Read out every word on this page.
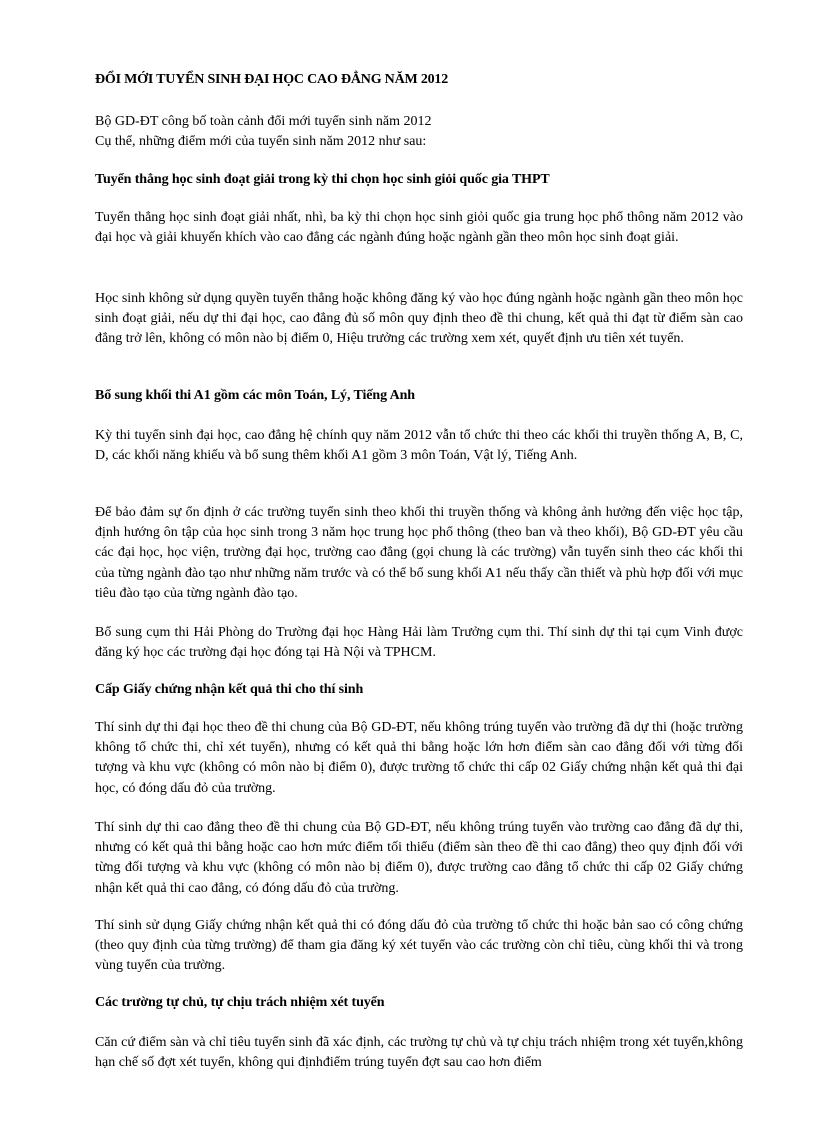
ĐỔI MỚI TUYỂN SINH ĐẠI HỌC CAO ĐẲNG NĂM 2012
Bộ GD-ĐT công bố toàn cảnh đổi mới tuyển sinh năm 2012
Cụ thể, những điểm mới của tuyển sinh năm 2012 như sau:
Tuyển thẳng học sinh đoạt giải trong kỳ thi chọn học sinh giỏi quốc gia THPT

Tuyển thẳng học sinh đoạt giải nhất, nhì, ba kỳ thi chọn học sinh giỏi quốc gia trung học phổ thông năm 2012 vào đại học và giải khuyến khích vào cao đẳng các ngành đúng hoặc ngành gần theo môn học sinh đoạt giải.

Học sinh không sử dụng quyền tuyển thẳng hoặc không đăng ký vào học đúng ngành hoặc ngành gần theo môn học sinh đoạt giải, nếu dự thi đại học, cao đẳng đủ số môn quy định theo đề thi chung, kết quả thi đạt từ điểm sàn cao đẳng trở lên, không có môn nào bị điểm 0, Hiệu trưởng các trường xem xét, quyết định ưu tiên xét tuyển.

Bổ sung khối thi A1 gồm các môn Toán, Lý, Tiếng Anh

Kỳ thi tuyển sinh đại học, cao đẳng hệ chính quy năm 2012 vẫn tổ chức thi theo các khối thi truyền thống A, B, C, D, các khối năng khiếu và bổ sung thêm khối A1 gồm 3 môn Toán, Vật lý, Tiếng Anh.

Để bảo đảm sự ổn định ở các trường tuyển sinh theo khối thi truyền thống và không ảnh hưởng đến việc học tập, định hướng ôn tập của học sinh trong 3 năm học trung học phổ thông (theo ban và theo khối), Bộ GD-ĐT yêu cầu các đại học, học viện, trường đại học, trường cao đẳng (gọi chung là các trường) vẫn tuyển sinh theo các khối thi của từng ngành đào tạo như những năm trước và có thể bổ sung khối A1 nếu thấy cần thiết và phù hợp đối với mục tiêu đào tạo của từng ngành đào tạo.

Bổ sung cụm thi Hải Phòng do Trường đại học Hàng Hải làm Trưởng cụm thi. Thí sinh dự thi tại cụm Vinh được đăng ký học các trường đại học đóng tại Hà Nội và TPHCM.

Cấp Giấy chứng nhận kết quả thi cho thí sinh

Thí sinh dự thi đại học theo đề thi chung của Bộ GD-ĐT, nếu không trúng tuyển vào trường đã dự thi (hoặc trường không tổ chức thi, chỉ xét tuyển), nhưng có kết quả thi bằng hoặc lớn hơn điểm sàn cao đẳng đối với từng đối tượng và khu vực (không có môn nào bị điểm 0), được trường tổ chức thi cấp 02 Giấy chứng nhận kết quả thi đại học, có đóng dấu đỏ của trường.

Thí sinh dự thi cao đẳng theo đề thi chung của Bộ GD-ĐT, nếu không trúng tuyển vào trường cao đẳng đã dự thi, nhưng có kết quả thi bằng hoặc cao hơn mức điểm tối thiểu (điểm sàn theo đề thi cao đẳng) theo quy định đối với từng đối tượng và khu vực (không có môn nào bị điểm 0), được trường cao đẳng tổ chức thi cấp 02 Giấy chứng nhận kết quả thi cao đẳng, có đóng dấu đỏ của trường.

Thí sinh sử dụng Giấy chứng nhận kết quả thi có đóng dấu đỏ của trường tổ chức thi hoặc bản sao có công chứng (theo quy định của từng trường) để tham gia đăng ký xét tuyển vào các trường còn chỉ tiêu, cùng khối thi và trong vùng tuyển của trường.

Các trường tự chủ, tự chịu trách nhiệm xét tuyển

Căn cứ điểm sàn và chỉ tiêu tuyển sinh đã xác định, các trường tự chủ và tự chịu trách nhiệm trong xét tuyển,không hạn chế số đợt xét tuyển, không qui địnhđiểm trúng tuyển đợt sau cao hơn điểm
